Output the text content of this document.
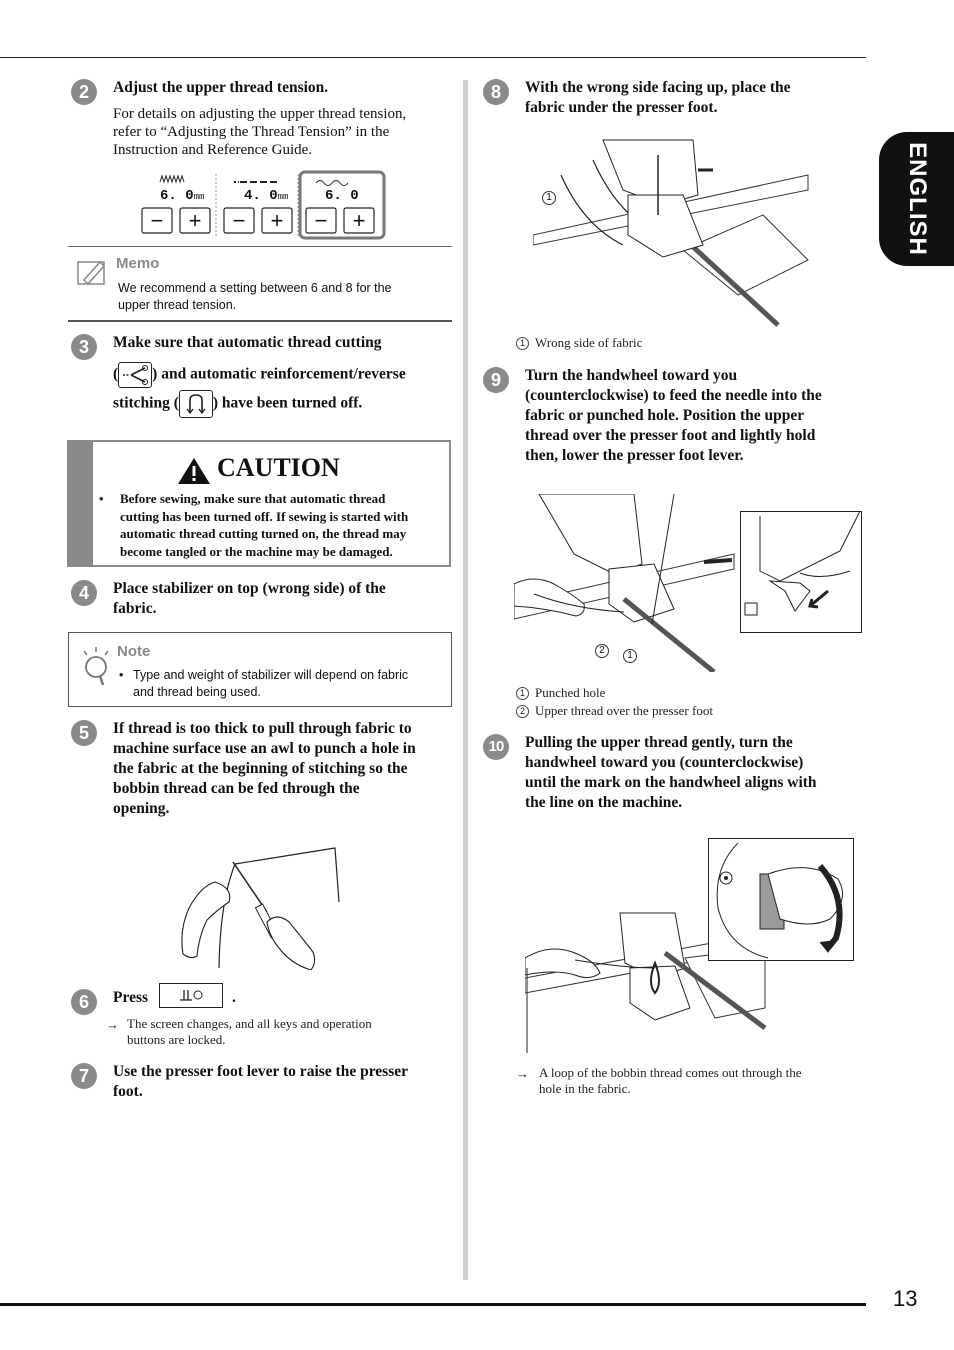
13
ENGLISH
2	Adjust the upper thread tension.
For details on adjusting the upper thread tension,
refer to “Adjusting the Thread Tension” in the
Instruction and Reference Guide.
6. 0mm	4. 0mm	6. 0
−	+	−	+	−	+
Memo
We recommend a setting between 6 and 8 for the
upper thread tension.
3	Make sure that automatic thread cutting
( ) and automatic reinforcement/reverse
stitching ( ) have been turned off.
CAUTION
• Before sewing, make sure that automatic thread
cutting has been turned off. If sewing is started with
automatic thread cutting turned on, the thread may
become tangled or the machine may be damaged.
4	Place stabilizer on top (wrong side) of the
fabric.
Note
• Type and weight of stabilizer will depend on fabric
and thread being used.
5	If thread is too thick to pull through fabric to
machine surface use an awl to punch a hole in
the fabric at the beginning of stitching so the
bobbin thread can be fed through the
opening.
6	Press	.
→ The screen changes, and all keys and operation
buttons are locked.
7	Use the presser foot lever to raise the presser
foot.
8	With the wrong side facing up, place the
fabric under the presser foot.
1
1 Wrong side of fabric
9	Turn the handwheel toward you
(counterclockwise) to feed the needle into the
fabric or punched hole. Position the upper
thread over the presser foot and lightly hold
then, lower the presser foot lever.
2	1
1 Punched hole
2 Upper thread over the presser foot
10	Pulling the upper thread gently, turn the
handwheel toward you (counterclockwise)
until the mark on the handwheel aligns with
the line on the machine.
→ A loop of the bobbin thread comes out through the
hole in the fabric.
